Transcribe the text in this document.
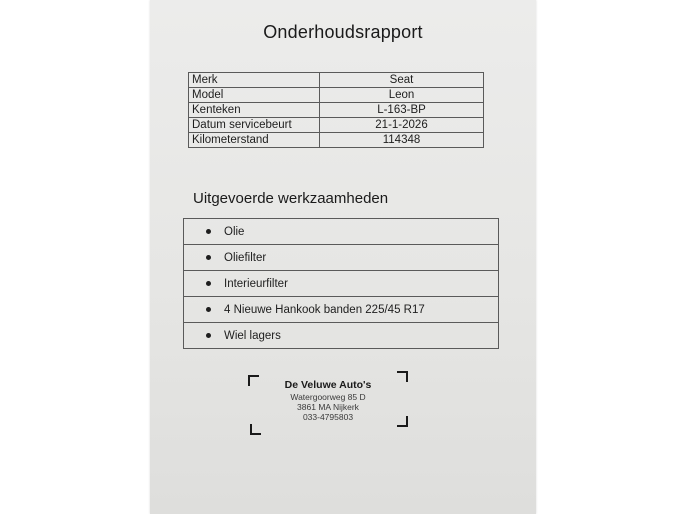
Onderhoudsrapport
Merk	Seat
Model	Leon
Kenteken	L-163-BP
Datum servicebeurt	21-1-2026
Kilometerstand	114348
Uitgevoerde werkzaamheden
Olie
Oliefilter
Interieurfilter
4 Nieuwe Hankook banden 225/45 R17
Wiel lagers
De Veluwe Auto's
Watergoorweg 85 D
3861 MA Nijkerk
033-4795803
